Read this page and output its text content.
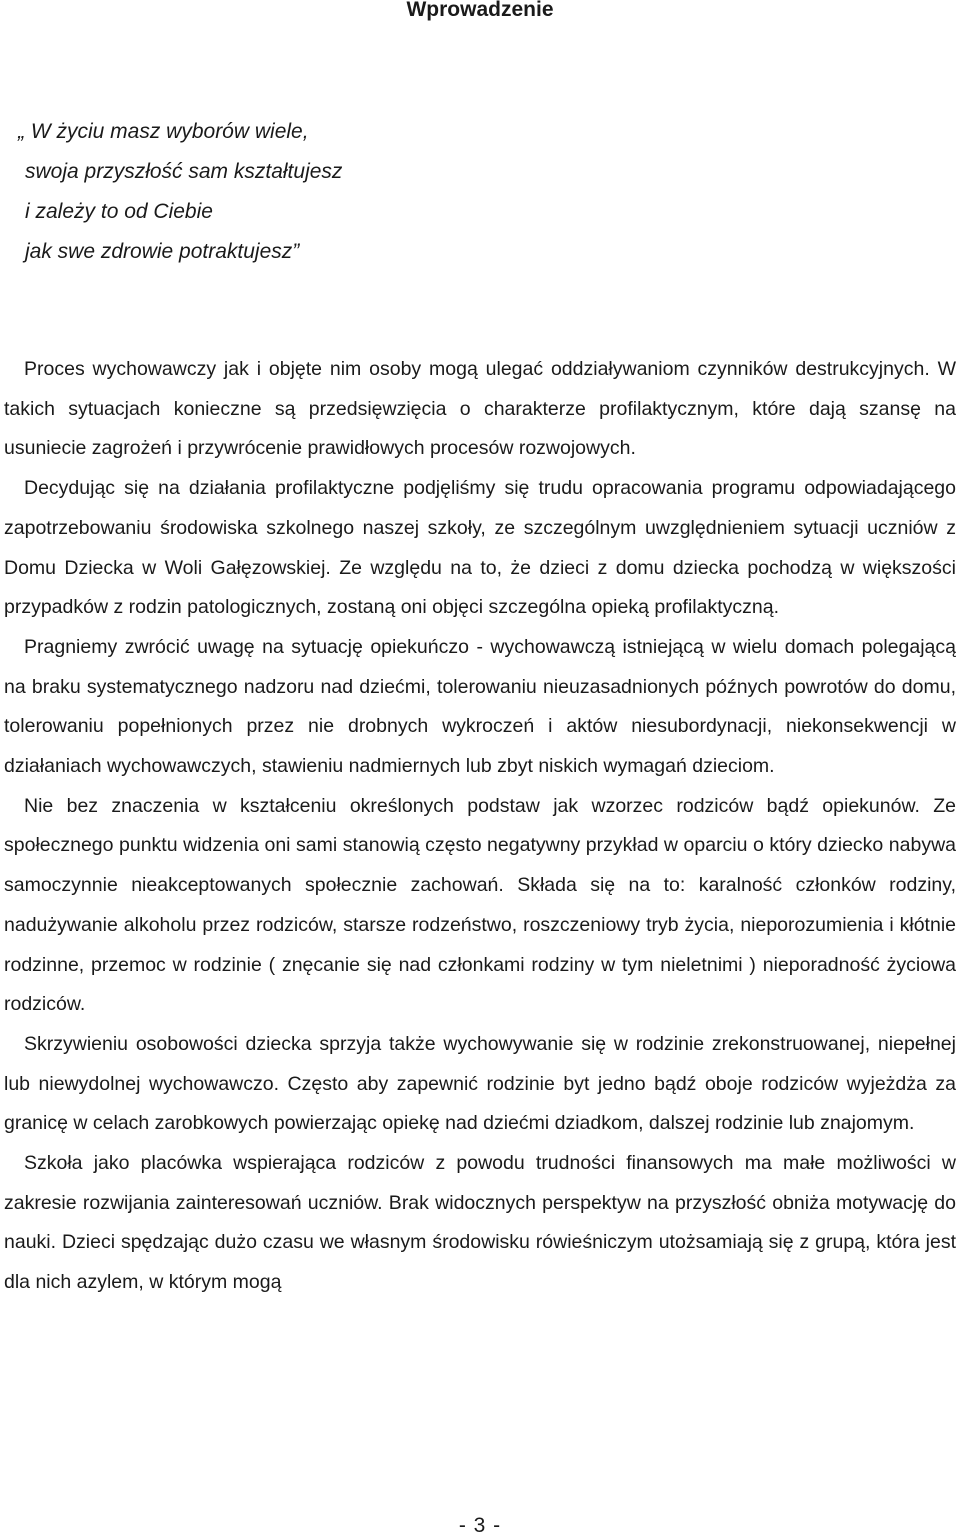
Wprowadzenie
„ W życiu masz wyborów wiele,
swoja przyszłość sam kształtujesz
i zależy to od Ciebie
jak swe zdrowie potraktujesz”

Proces wychowawczy jak i objęte nim osoby mogą ulegać oddziaływaniom czynników destrukcyjnych. W takich sytuacjach konieczne są przedsięwzięcia o charakterze profilaktycznym, które dają szansę na usuniecie zagrożeń i przywrócenie prawidłowych procesów rozwojowych.

Decydując się na działania profilaktyczne podjęliśmy się trudu opracowania programu odpowiadającego zapotrzebowaniu środowiska szkolnego naszej szkoły, ze szczególnym uwzględnieniem sytuacji uczniów z Domu Dziecka w Woli Gałęzowskiej. Ze względu na to, że dzieci z domu dziecka pochodzą w większości przypadków z rodzin patologicznych, zostaną oni objęci szczególna opieką profilaktyczną.

Pragniemy zwrócić uwagę na sytuację opiekuńczo - wychowawczą istniejącą w wielu domach polegającą na braku systematycznego nadzoru nad dziećmi, tolerowaniu nieuzasadnionych późnych powrotów do domu, tolerowaniu popełnionych przez nie drobnych wykroczeń i aktów niesubordynacji, niekonsekwencji w działaniach wychowawczych, stawieniu nadmiernych lub zbyt niskich wymagań dzieciom.

Nie bez znaczenia w kształceniu określonych podstaw jak wzorzec rodziców bądź opiekunów. Ze społecznego punktu widzenia oni sami stanowią często negatywny przykład w oparciu o który dziecko nabywa samoczynnie nieakceptowanych społecznie zachowań. Składa się na to: karalność członków rodziny, nadużywanie alkoholu przez rodziców, starsze rodzeństwo, roszczeniowy tryb życia, nieporozumienia i kłótnie rodzinne, przemoc w rodzinie ( znęcanie się nad członkami rodziny w tym nieletnimi ) nieporadność życiowa rodziców.

Skrzywieniu osobowości dziecka sprzyja także wychowywanie się w rodzinie zrekonstruowanej, niepełnej lub niewydolnej wychowawczo. Często aby zapewnić rodzinie byt jedno bądź oboje rodziców wyjeżdża za granicę w celach zarobkowych powierzając opiekę nad dziećmi dziadkom, dalszej rodzinie lub znajomym.

Szkoła jako placówka wspierająca rodziców z powodu trudności finansowych ma małe możliwości w zakresie rozwijania zainteresowań uczniów. Brak widocznych perspektyw na przyszłość obniża motywację do nauki. Dzieci spędzając dużo czasu we własnym środowisku rówieśniczym utożsamiają się z grupą, która jest dla nich azylem, w którym mogą

- 3 -
